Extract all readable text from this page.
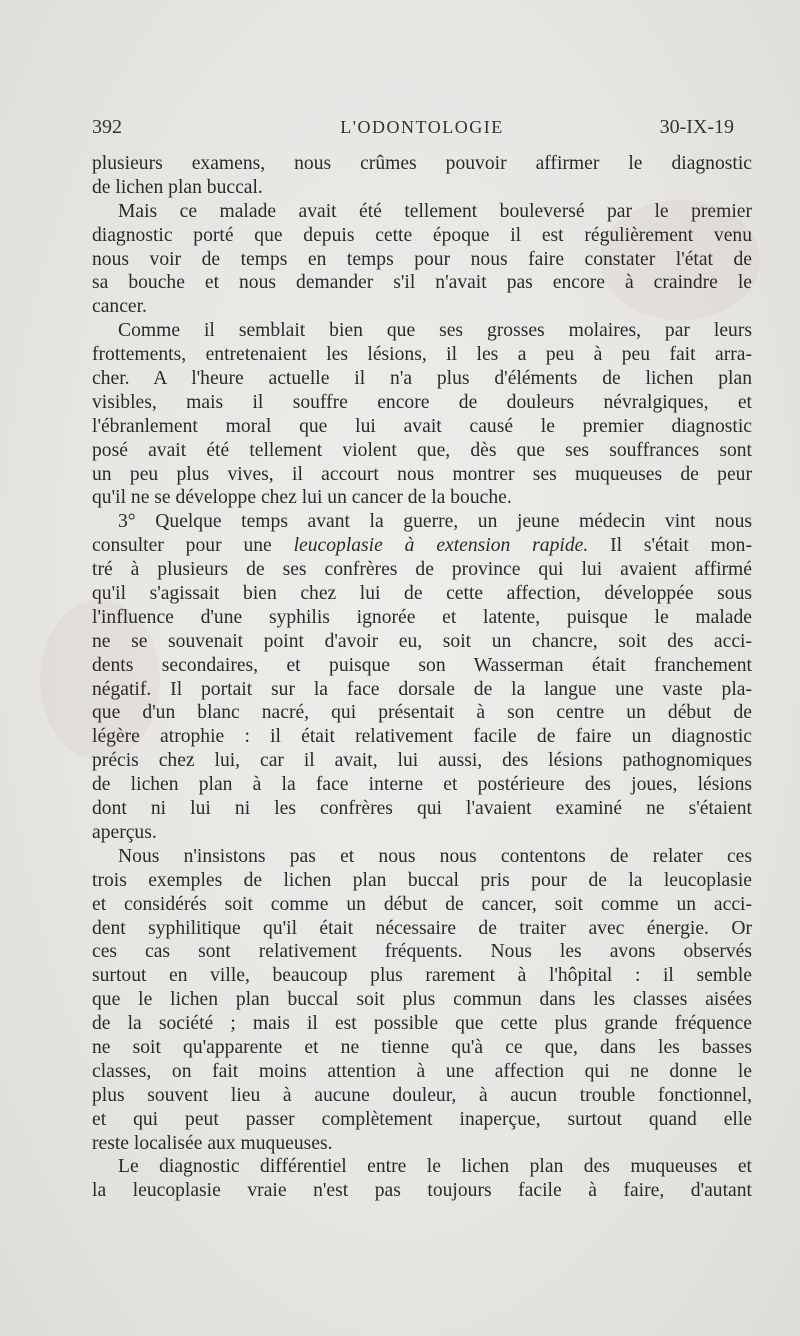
392	L'ODONTOLOGIE	30-IX-19
plusieurs examens, nous crûmes pouvoir affirmer le diagnostic
de lichen plan buccal.
Mais ce malade avait été tellement bouleversé par le premier
diagnostic porté que depuis cette époque il est régulièrement venu
nous voir de temps en temps pour nous faire constater l'état de
sa bouche et nous demander s'il n'avait pas encore à craindre le
cancer.
Comme il semblait bien que ses grosses molaires, par leurs
frottements, entretenaient les lésions, il les a peu à peu fait arra-
cher. A l'heure actuelle il n'a plus d'éléments de lichen plan
visibles, mais il souffre encore de douleurs névralgiques, et
l'ébranlement moral que lui avait causé le premier diagnostic
posé avait été tellement violent que, dès que ses souffrances sont
un peu plus vives, il accourt nous montrer ses muqueuses de peur
qu'il ne se développe chez lui un cancer de la bouche.
3° Quelque temps avant la guerre, un jeune médecin vint nous
consulter pour une leucoplasie à extension rapide. Il s'était mon-
tré à plusieurs de ses confrères de province qui lui avaient affirmé
qu'il s'agissait bien chez lui de cette affection, développée sous
l'influence d'une syphilis ignorée et latente, puisque le malade
ne se souvenait point d'avoir eu, soit un chancre, soit des acci-
dents secondaires, et puisque son Wasserman était franchement
négatif. Il portait sur la face dorsale de la langue une vaste pla-
que d'un blanc nacré, qui présentait à son centre un début de
légère atrophie : il était relativement facile de faire un diagnostic
précis chez lui, car il avait, lui aussi, des lésions pathognomiques
de lichen plan à la face interne et postérieure des joues, lésions
dont ni lui ni les confrères qui l'avaient examiné ne s'étaient
aperçus.
Nous n'insistons pas et nous nous contentons de relater ces
trois exemples de lichen plan buccal pris pour de la leucoplasie
et considérés soit comme un début de cancer, soit comme un acci-
dent syphilitique qu'il était nécessaire de traiter avec énergie. Or
ces cas sont relativement fréquents. Nous les avons observés
surtout en ville, beaucoup plus rarement à l'hôpital : il semble
que le lichen plan buccal soit plus commun dans les classes aisées
de la société ; mais il est possible que cette plus grande fréquence
ne soit qu'apparente et ne tienne qu'à ce que, dans les basses
classes, on fait moins attention à une affection qui ne donne le
plus souvent lieu à aucune douleur, à aucun trouble fonctionnel,
et qui peut passer complètement inaperçue, surtout quand elle
reste localisée aux muqueuses.
Le diagnostic différentiel entre le lichen plan des muqueuses et
la leucoplasie vraie n'est pas toujours facile à faire, d'autant
